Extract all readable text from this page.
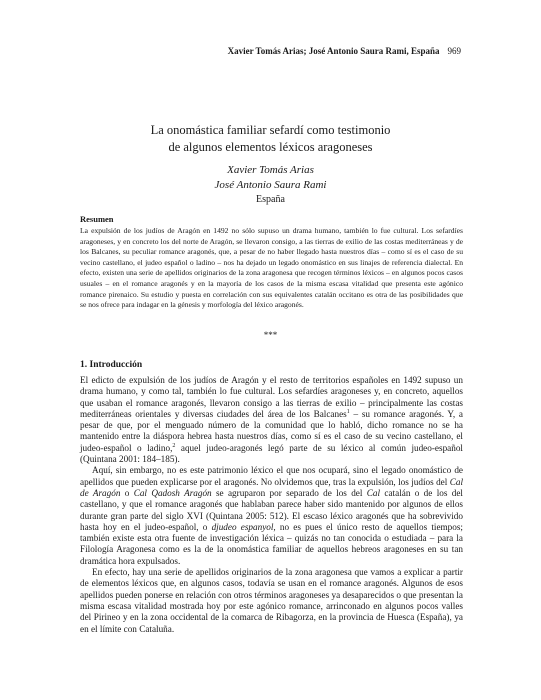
Xavier Tomás Arias; José Antonio Saura Rami, España 969
La onomástica familiar sefardí como testimonio
de algunos elementos léxicos aragoneses
Xavier Tomás Arias
José Antonio Saura Rami
España
Resumen
La expulsión de los judíos de Aragón en 1492 no sólo supuso un drama humano, también lo fue cultural. Los sefardíes aragoneses, y en concreto los del norte de Aragón, se llevaron consigo, a las tierras de exilio de las costas mediterráneas y de los Balcanes, su peculiar romance aragonés, que, a pesar de no haber llegado hasta nuestros días – como sí es el caso de su vecino castellano, el judeo español o ladino – nos ha dejado un legado onomástico en sus linajes de referencia dialectal. En efecto, existen una serie de apellidos originarios de la zona aragonesa que recogen términos léxicos – en algunos pocos casos usuales – en el romance aragonés y en la mayoría de los casos de la misma escasa vitalidad que presenta este agónico romance pirenaico. Su estudio y puesta en correlación con sus equivalentes catalán occitano es otra de las posibilidades que se nos ofrece para indagar en la génesis y morfología del léxico aragonés.
***
1. Introducción

El edicto de expulsión de los judíos de Aragón y el resto de territorios españoles en 1492 supuso un drama humano, y como tal, también lo fue cultural. Los sefardíes aragoneses y, en concreto, aquellos que usaban el romance aragonés, llevaron consigo a las tierras de exilio – principalmente las costas mediterráneas orientales y diversas ciudades del área de los Balcanes$^1$ – su romance aragonés. Y, a pesar de que, por el menguado número de la comunidad que lo habló, dicho romance no se ha mantenido entre la diáspora hebrea hasta nuestros días, como sí es el caso de su vecino castellano, el judeo-español o ladino,$^2$ aquel judeo-aragonés legó parte de su léxico al común judeo-español (Quintana 2001: 184–185).

Aquí, sin embargo, no es este patrimonio léxico el que nos ocupará, sino el legado onomástico de apellidos que pueden explicarse por el aragonés. No olvidemos que, tras la expulsión, los judíos del Cal de Aragón o Cal Qadosh Aragón se agruparon por separado de los del Cal catalán o de los del castellano, y que el romance aragonés que hablaban parece haber sido mantenido por algunos de ellos durante gran parte del siglo XVI (Quintana 2005: 512). El escaso léxico aragonés que ha sobrevivido hasta hoy en el judeo-español, o djudeo espanyol, no es pues el único resto de aquellos tiempos; también existe esta otra fuente de investigación léxica – quizás no tan conocida o estudiada – para la Filología Aragonesa como es la de la onomástica familiar de aquellos hebreos aragoneses en su tan dramática hora expulsados.

En efecto, hay una serie de apellidos originarios de la zona aragonesa que vamos a explicar a partir de elementos léxicos que, en algunos casos, todavía se usan en el romance aragonés. Algunos de esos apellidos pueden ponerse en relación con otros términos aragoneses ya desaparecidos o que presentan la misma escasa vitalidad mostrada hoy por este agónico romance, arrinconado en algunos pocos valles del Pirineo y en la zona occidental de la comarca de Ribagorza, en la provincia de Huesca (España), ya en el límite con Cataluña.
